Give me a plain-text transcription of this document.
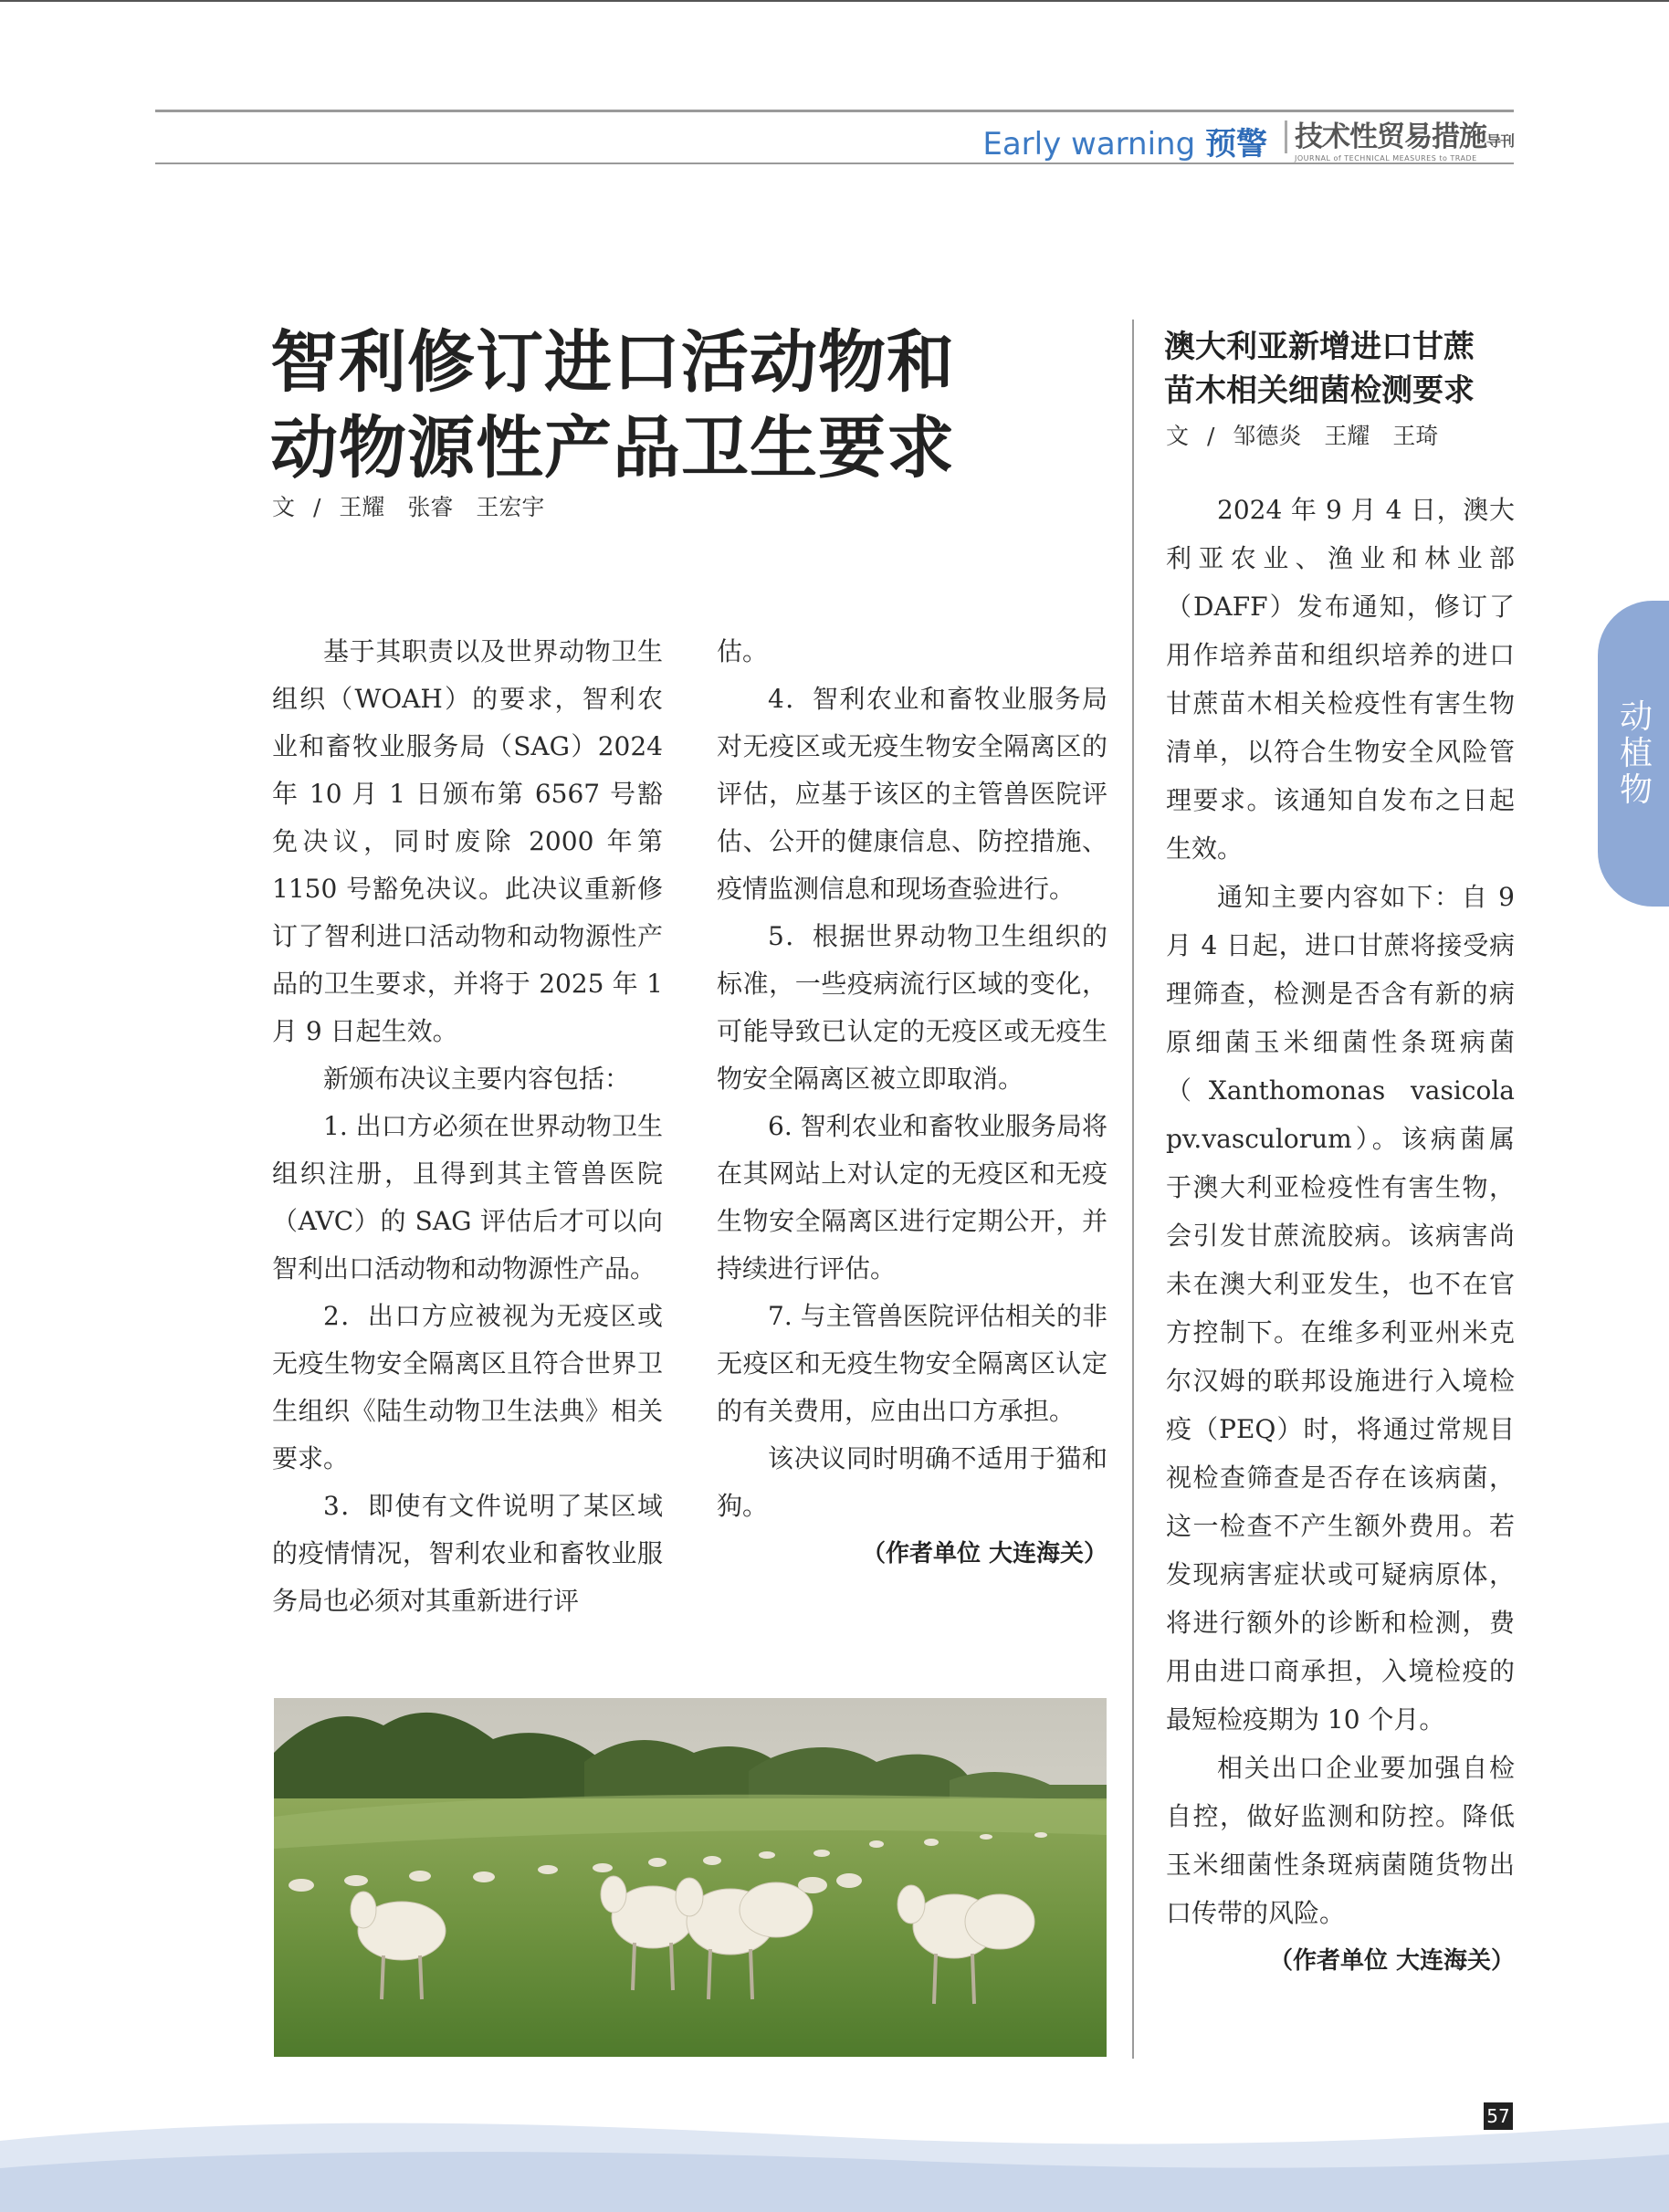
Early warning 预警 技术性贸易措施导刊
JOURNAL of TECHNICAL MEASURES to TRADE
智利修订进口活动物和
动物源性产品卫生要求
文 / 王耀　张睿　王宏宇

基于其职责以及世界动物卫生组织（WOAH）的要求，智利农业和畜牧业服务局（SAG）2024 年 10 月 1 日颁布第 6567 号豁免决议，同时废除 2000 年第 1150 号豁免决议。此决议重新修订了智利进口活动物和动物源性产品的卫生要求，并将于 2025 年 1 月 9 日起生效。

新颁布决议主要内容包括：

1. 出口方必须在世界动物卫生组织注册，且得到其主管兽医院（AVC）的 SAG 评估后才可以向智利出口活动物和动物源性产品。

2．出口方应被视为无疫区或无疫生物安全隔离区且符合世界卫生组织《陆生动物卫生法典》相关要求。

3．即使有文件说明了某区域的疫情情况，智利农业和畜牧业服务局也必须对其重新进行评

估。

4．智利农业和畜牧业服务局对无疫区或无疫生物安全隔离区的评估，应基于该区的主管兽医院评估、公开的健康信息、防控措施、疫情监测信息和现场查验进行。

5．根据世界动物卫生组织的标准，一些疫病流行区域的变化，可能导致已认定的无疫区或无疫生物安全隔离区被立即取消。

6. 智利农业和畜牧业服务局将在其网站上对认定的无疫区和无疫生物安全隔离区进行定期公开，并持续进行评估。

7. 与主管兽医院评估相关的非无疫区和无疫生物安全隔离区认定的有关费用，应由出口方承担。

该决议同时明确不适用于猫和狗。

（作者单位 大连海关）
澳大利亚新增进口甘蔗
苗木相关细菌检测要求
文 / 邹德炎　王耀　王琦

2024 年 9 月 4 日，澳大利亚农业、渔业和林业部（DAFF）发布通知，修订了用作培养苗和组织培养的进口甘蔗苗木相关检疫性有害生物清单，以符合生物安全风险管理要求。该通知自发布之日起生效。

通知主要内容如下：自 9 月 4 日起，进口甘蔗将接受病理筛查，检测是否含有新的病原细菌玉米细菌性条斑病菌（Xanthomonas vasicola pv.vasculorum）。该病菌属于澳大利亚检疫性有害生物，会引发甘蔗流胶病。该病害尚未在澳大利亚发生，也不在官方控制下。在维多利亚州米克尔汉姆的联邦设施进行入境检疫（PEQ）时，将通过常规目视检查筛查是否存在该病菌，这一检查不产生额外费用。若发现病害症状或可疑病原体，将进行额外的诊断和检测，费用由进口商承担，入境检疫的最短检疫期为 10 个月。

相关出口企业要加强自检自控，做好监测和防控。降低玉米细菌性条斑病菌随货物出口传带的风险。

（作者单位 大连海关）
动植物
57
